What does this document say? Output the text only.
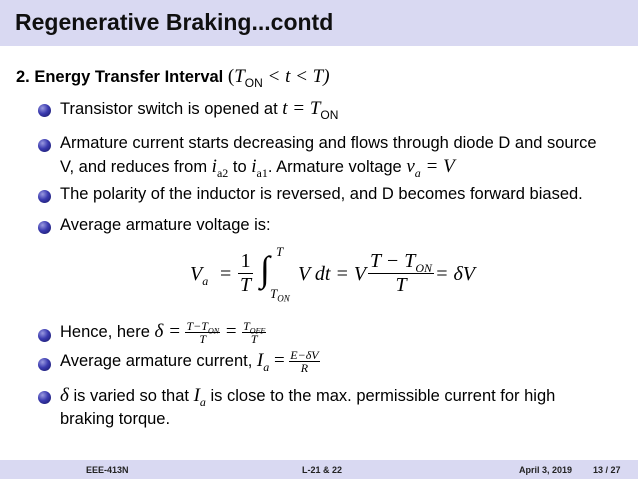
Regenerative Braking...contd
2. Energy Transfer Interval $(T_{ON} < t < T)$
Transistor switch is opened at $t = T_{ON}$
Armature current starts decreasing and flows through diode D and source
V, and reduces from $i_{a2}$ to $i_{a1}$. Armature voltage $v_a = V$
The polarity of the inductor is reversed, and D becomes forward biased.
Average armature voltage is:
$V_a = \frac{1}{T}$ ∫ T
$T_{ON}$
V dt = V
$T - T_{ON}$
T	= δV
Hence, here $\delta = T-T_{ON}$
$T = T_{OFF}$
T
Average armature current, $I_a = \frac{E-\delta V}{R}$
δ is varied so that $I_a$ is close to the max. permissible current for high
braking torque.
EEE-413N	L-21 & 22	April 3, 2019 13 / 27
